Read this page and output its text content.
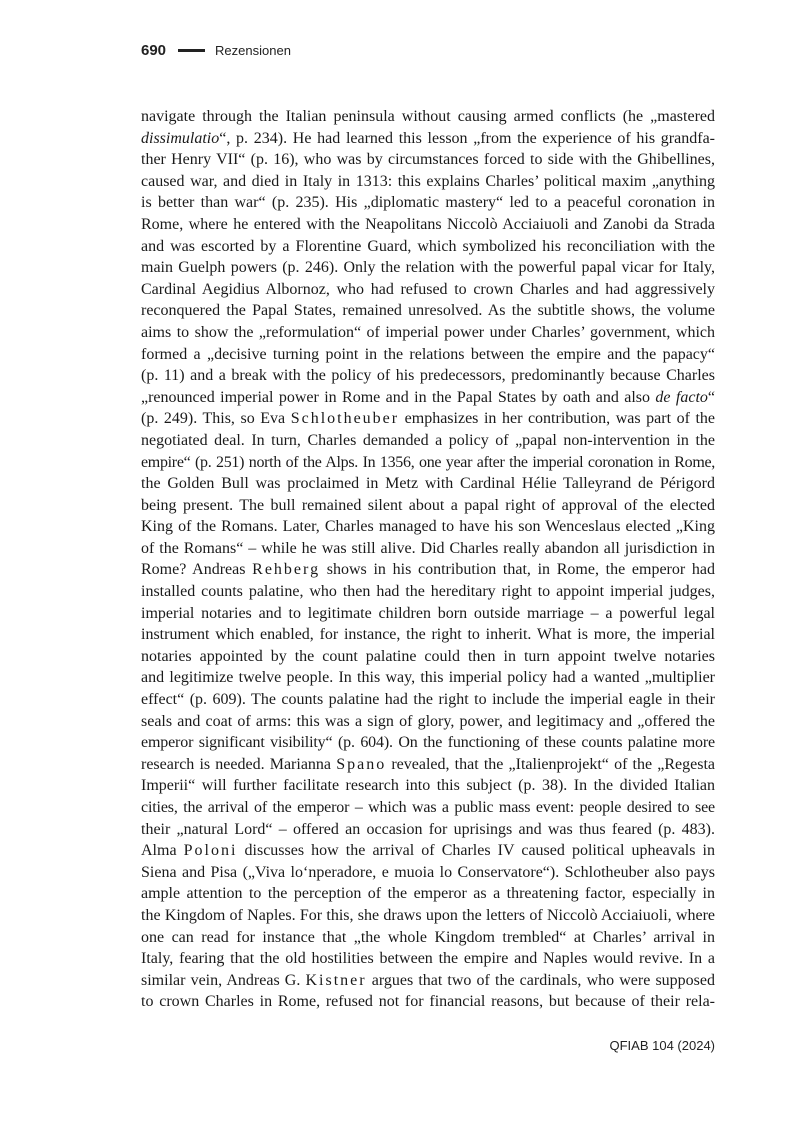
690	Rezensionen
navigate through the Italian peninsula without causing armed conflicts (he „mastered
dissimulatio“, p. 234). He had learned this lesson „from the experience of his grandfa-
ther Henry VII“ (p. 16), who was by circumstances forced to side with the Ghibellines,
caused war, and died in Italy in 1313: this explains Charles’ political maxim „anything
is better than war“ (p. 235). His „diplomatic mastery“ led to a peaceful coronation in
Rome, where he entered with the Neapolitans Niccolò Acciaiuoli and Zanobi da Strada
and was escorted by a Florentine Guard, which symbolized his reconciliation with the
main Guelph powers (p. 246). Only the relation with the powerful papal vicar for Italy,
Cardinal Aegidius Albornoz, who had refused to crown Charles and had aggressively
reconquered the Papal States, remained unresolved. As the subtitle shows, the volume
aims to show the „reformulation“ of imperial power under Charles’ government, which
formed a „decisive turning point in the relations between the empire and the papacy“
(p. 11) and a break with the policy of his predecessors, predominantly because Charles
„renounced imperial power in Rome and in the Papal States by oath and also de facto“
(p. 249). This, so Eva Schlotheuber emphasizes in her contribution, was part of the
negotiated deal. In turn, Charles demanded a policy of „papal non-intervention in the
empire“ (p. 251) north of the Alps. In 1356, one year after the imperial coronation in Rome,
the Golden Bull was proclaimed in Metz with Cardinal Hélie Talleyrand de Périgord
being present. The bull remained silent about a papal right of approval of the elected
King of the Romans. Later, Charles managed to have his son Wenceslaus elected „King
of the Romans“ – while he was still alive. Did Charles really abandon all jurisdiction in
Rome? Andreas Rehberg shows in his contribution that, in Rome, the emperor had
installed counts palatine, who then had the hereditary right to appoint imperial judges,
imperial notaries and to legitimate children born outside marriage – a powerful legal
instrument which enabled, for instance, the right to inherit. What is more, the imperial
notaries appointed by the count palatine could then in turn appoint twelve notaries
and legitimize twelve people. In this way, this imperial policy had a wanted „multiplier
effect“ (p. 609). The counts palatine had the right to include the imperial eagle in their
seals and coat of arms: this was a sign of glory, power, and legitimacy and „offered the
emperor significant visibility“ (p. 604). On the functioning of these counts palatine more
research is needed. Marianna Spano revealed, that the „Italienprojekt“ of the „Regesta
Imperii“ will further facilitate research into this subject (p. 38). In the divided Italian
cities, the arrival of the emperor – which was a public mass event: people desired to see
their „natural Lord“ – offered an occasion for uprisings and was thus feared (p. 483).
Alma Poloni discusses how the arrival of Charles IV caused political upheavals in
Siena and Pisa („Viva lo‘nperadore, e muoia lo Conservatore“). Schlotheuber also pays
ample attention to the perception of the emperor as a threatening factor, especially in
the Kingdom of Naples. For this, she draws upon the letters of Niccolò Acciaiuoli, where
one can read for instance that „the whole Kingdom trembled“ at Charles’ arrival in
Italy, fearing that the old hostilities between the empire and Naples would revive. In a
similar vein, Andreas G. Kistner argues that two of the cardinals, who were supposed
to crown Charles in Rome, refused not for financial reasons, but because of their rela-
QFIAB 104 (2024)
